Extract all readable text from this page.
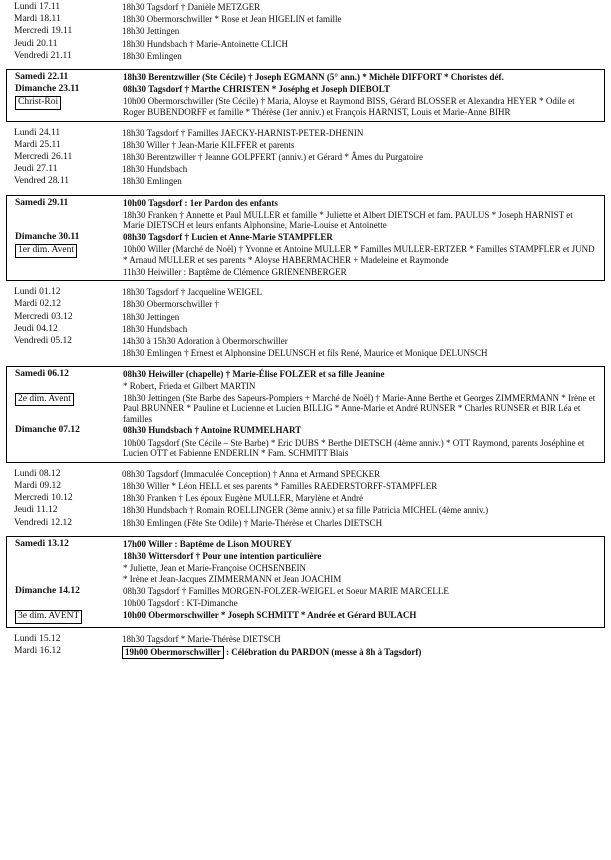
Lundi 17.11	18h30 Tagsdorf † Danièle METZGER
Mardi 18.11	18h30 Obermorschwiller * Rose et Jean HIGELIN et famille
Mercredi 19.11	18h30 Jettingen
Jeudi 20.11	18h30 Hundsbach † Marie-Antoinette CLICH
Vendredi 21.11	18h30 Emlingen
Samedi 22.11	18h30 Berentzwiller (Ste Cécile) † Joseph EGMANN (5° ann.) * Michèle DIFFORT * Choristes déf.
Dimanche 23.11	08h30 Tagsdorf † Marthe CHRISTEN * Joséphg et Joseph DIEBOLT
Christ-Roi	10h00 Obermorschwiller (Ste Cécile) † Maria, Aloyse et Raymond BISS, Gérard BLOSSER et Alexandra HEYER * Odile et Roger BUBENDORFF et famille * Thérèse (1er anniv.) et François HARNIST, Louis et Marie-Anne BIHR
Lundi 24.11	18h30 Tagsdorf † Familles JAECKY-HARNIST-PETER-DHENIN
Mardi 25.11	18h30 Willer † Jean-Marie KILFFER et parents
Mercredi 26.11	18h30 Berentzwiller † Jeanne GOLPFERT (anniv.) et Gérard * Âmes du Purgatoire
Jeudi 27.11	18h30 Hundsbach
Vendred 28.11	18h30 Emlingen
Samedi 29.11	10h00 Tagsdorf : 1er Pardon des enfants
18h30 Franken † Annette et Paul MULLER et famille * Juliette et Albert DIETSCH et fam. PAULUS * Joseph HARNIST et Marie DIETSCH et leurs enfants Alphonsine, Marie-Louise et Antoinette
Dimanche 30.11	08h30 Tagsdorf † Lucien et Anne-Marie STAMPFLER
1er dim. Avent	10h00 Willer (Marché de Noël) † Yvonne et Antoine MULLER * Familles MULLER-ERTZER * Familles STAMPFLER et JUND * Arnaud MULLER et ses parents * Aloyse HABERMACHER + Madeleine et Raymonde
11h30 Heiwiller : Baptême de Clémence GRIENENBERGER
Lundi 01.12	18h30 Tagsdorf † Jacqueline WEIGEL
Mardi 02.12	18h30 Obermorschwiller †
Mercredi 03.12	18h30 Jettingen
Jeudi 04.12	18h30 Hundsbach
Vendredi 05.12	14h30 à 15h30 Adoration à Obermorschwiller
18h30 Emlingen † Ernest et Alphonsine DELUNSCH et fils René, Maurice et Monique DELUNSCH
Samedi 06.12	08h30 Heiwiller (chapelle) † Marie-Élise FOLZER et sa fille Jeanine
* Robert, Frieda et Gilbert MARTIN
2e dim. Avent	18h30 Jettingen (Ste Barbe des Sapeurs-Pompiers + Marché de Noël) † Marie-Anne Berthe et Georges ZIMMERMANN * Irène et Paul BRUNNER * Pauline et Lucienne et Lucien BILLIG * Anne-Marie et André RUNSER * Charles RUNSER et BIR Léa et familles
Dimanche 07.12	08h30 Hundsbach † Antoine RUMMELHART
10h00 Tagsdorf (Ste Cécile – Ste Barbe) * Eric DUBS * Berthe DIETSCH (4ème anniv.) * OTT Raymond, parents Joséphine et Lucien OTT et Fabienne ENDERLIN * Fam. SCHMITT Blais
Lundi 08.12	08h30 Tagsdorf (Immaculée Conception) † Anna et Armand SPECKER
Mardi 09.12	18h30 Willer * Léon HELL et ses parents * Familles RAEDERSTORFF-STAMPFLER
Mercredi 10.12	18h30 Franken † Les époux Eugène MULLER, Marylène et André
Jeudi 11.12	18h30 Hundsbach † Romain ROELLINGER (3ème anniv.) et sa fille Patricia MICHEL (4ème anniv.)
Vendredi 12.12	18h30 Emlingen (Fête Ste Odile) † Marie-Thérèse et Charles DIETSCH
Samedi 13.12	17h00 Willer : Baptême de Lison MOUREY
18h30 Wittersdorf † Pour une intention particulière
* Juliette, Jean et Marie-Françoise OCHSENBEIN
* Irène et Jean-Jacques ZIMMERMANN et Jean JOACHIM
Dimanche 14.12	08h30 Tagsdorf † Familles MORGEN-FOLZER-WEIGEL et Soeur MARIE MARCELLE
10h00 Tagsdorf : KT-Dimanche
3e dim. AVENT	10h00 Obermorschwiller * Joseph SCHMITT * Andrée et Gérard BULACH
Lundi 15.12	18h30 Tagsdorf * Marie-Thérèse DIETSCH
Mardi 16.12	19h00 Obermorschwiller : Célébration du PARDON (messe à 8h à Tagsdorf)
